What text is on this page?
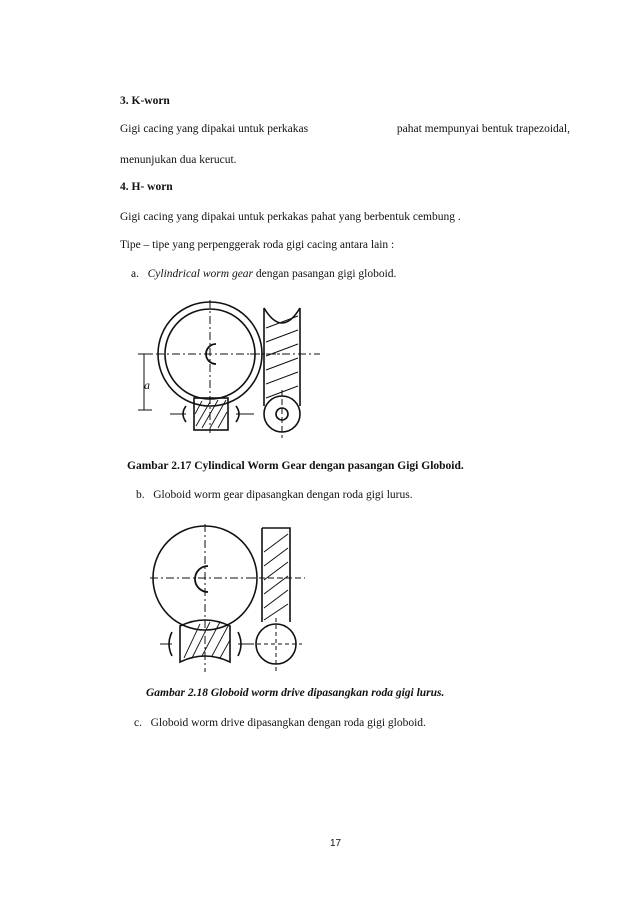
3. K-worn
Gigi cacing yang dipakai untuk perkakas	pahat mempunyai bentuk trapezoidal,
menunjukan dua kerucut.
4. H- worn
Gigi cacing yang dipakai untuk perkakas pahat yang berbentuk cembung .
Tipe – tipe yang perpenggerak roda gigi cacing antara lain :
a. Cylindrical worm gear dengan pasangan gigi globoid.
a
Gambar 2.17 Cylindical Worm Gear dengan pasangan Gigi Globoid.
b. Globoid worm gear dipasangkan dengan roda gigi lurus.
Gambar 2.18 Globoid worm drive dipasangkan roda gigi lurus.
c. Globoid worm drive dipasangkan dengan roda gigi globoid.
17
